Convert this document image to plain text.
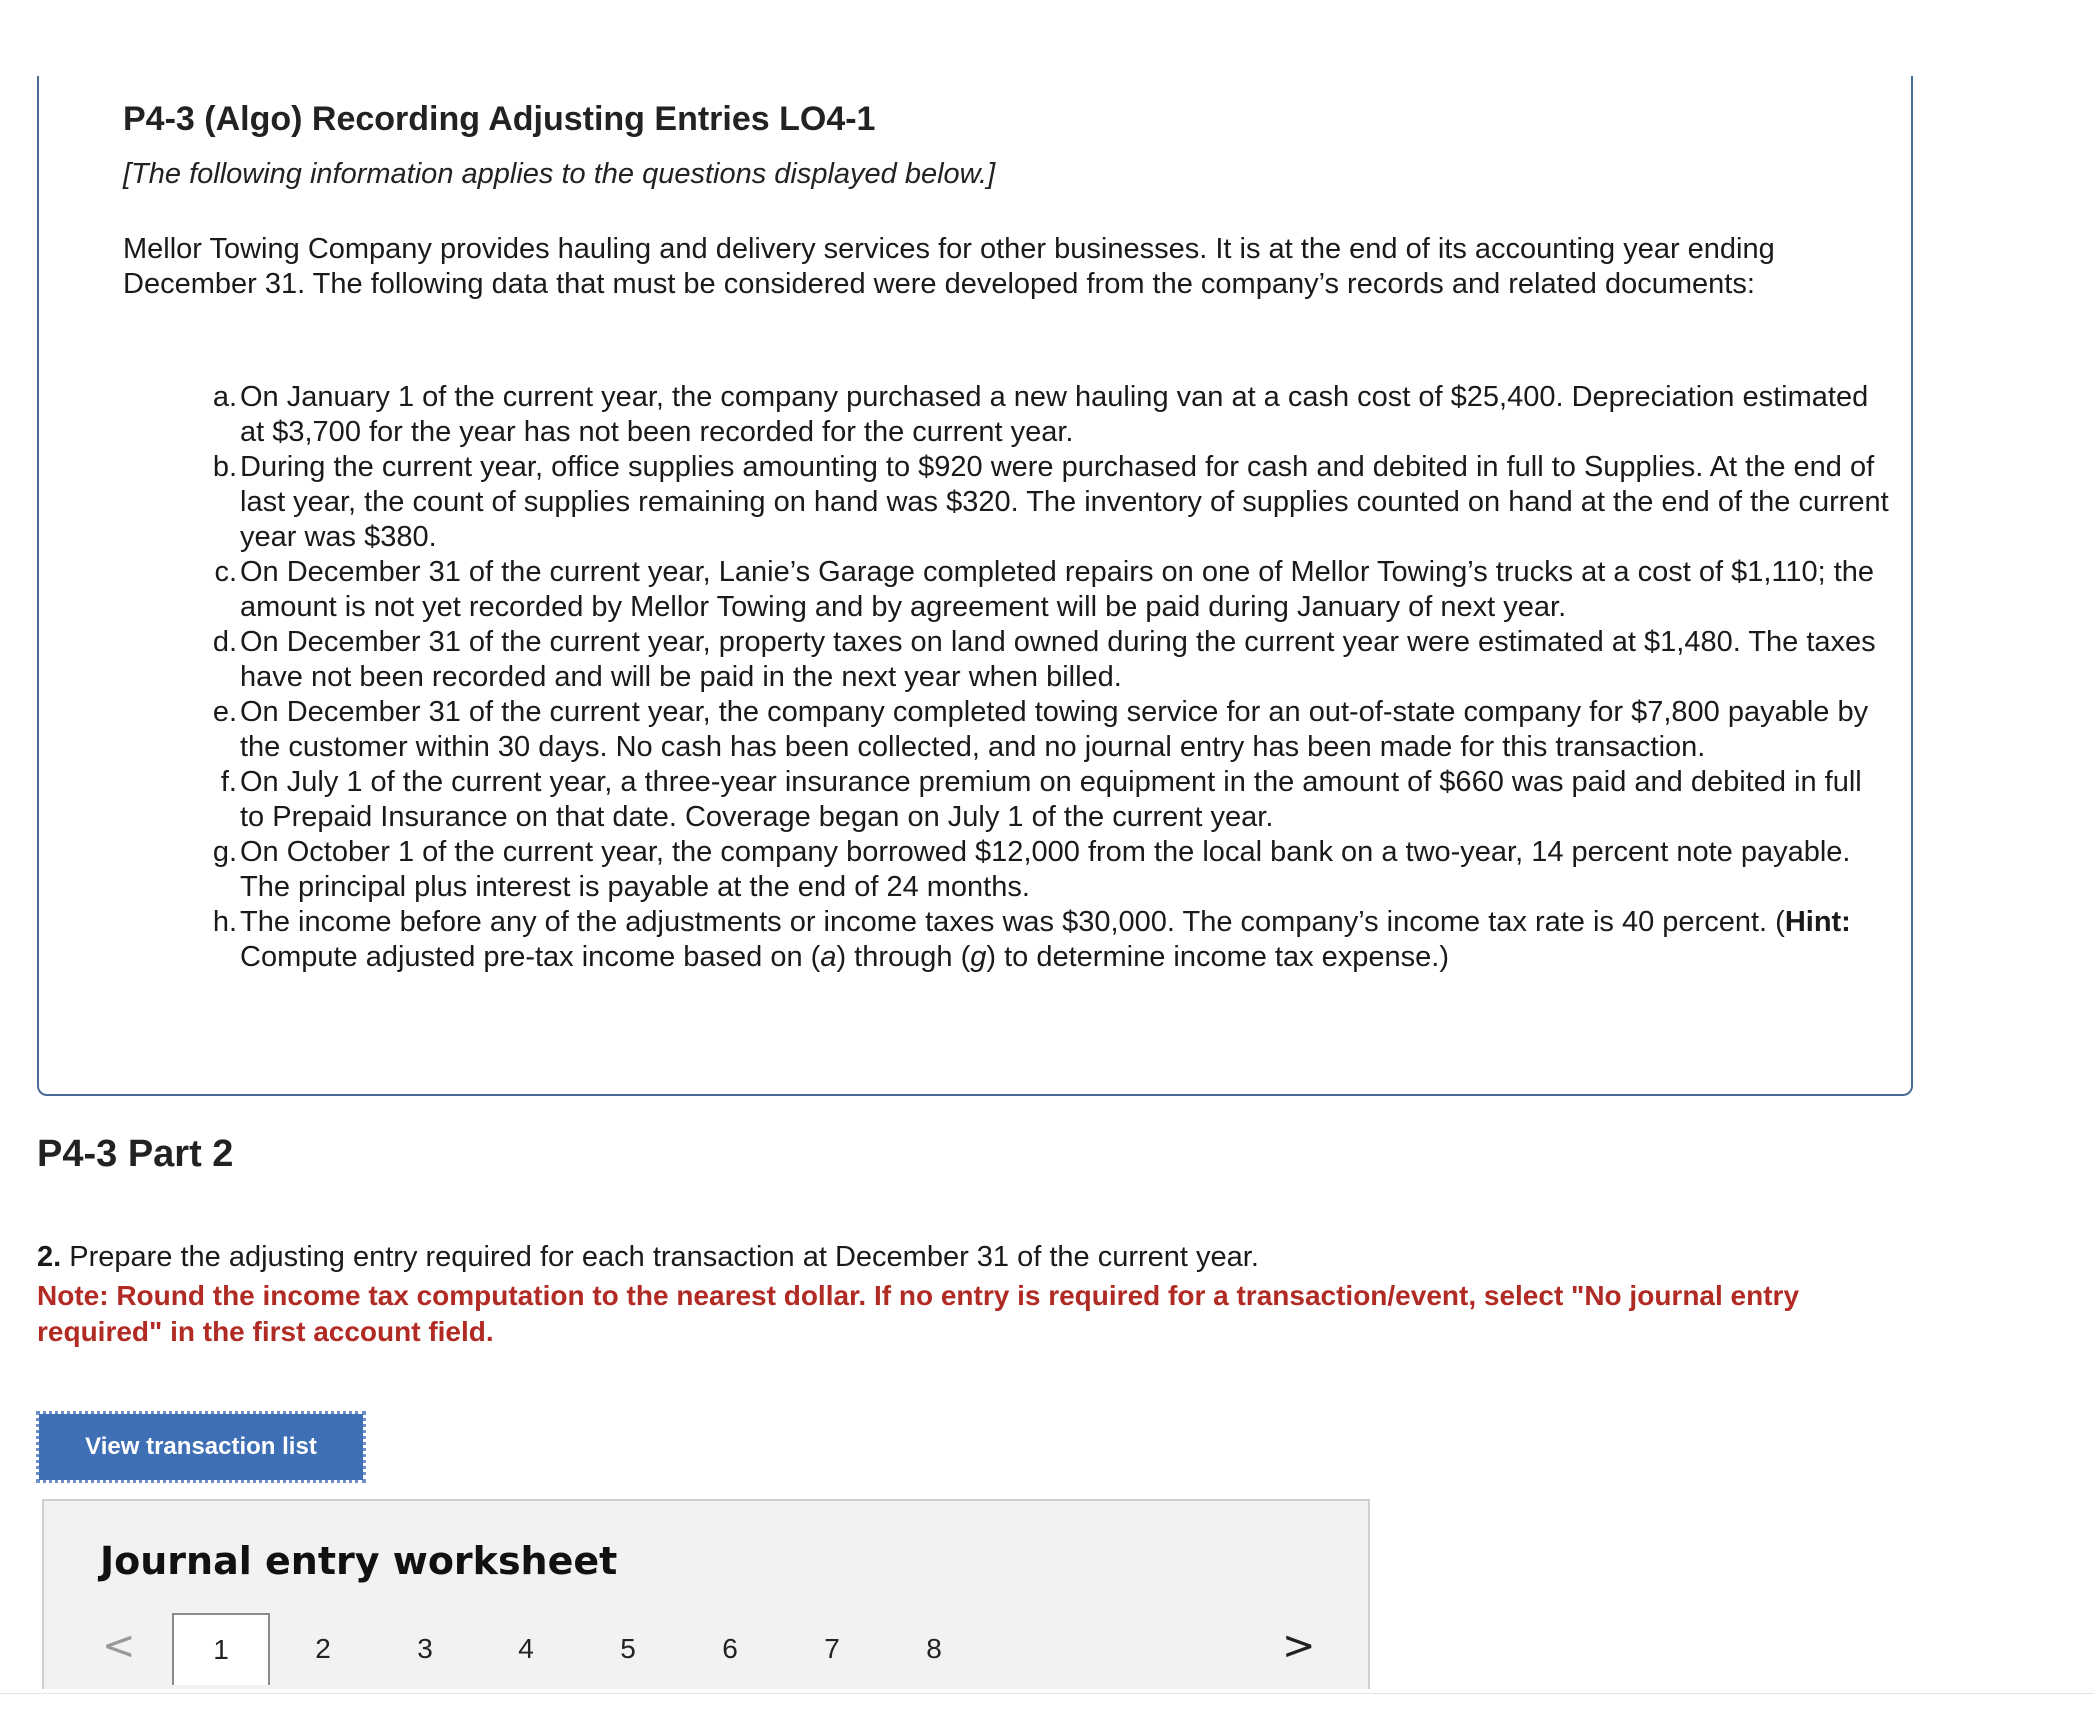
P4-3 (Algo) Recording Adjusting Entries LO4-1

[The following information applies to the questions displayed below.]

Mellor Towing Company provides hauling and delivery services for other businesses. It is at the end of its accounting year ending December 31. The following data that must be considered were developed from the company’s records and related documents:

a. On January 1 of the current year, the company purchased a new hauling van at a cash cost of $25,400. Depreciation estimated at $3,700 for the year has not been recorded for the current year.
b. During the current year, office supplies amounting to $920 were purchased for cash and debited in full to Supplies. At the end of last year, the count of supplies remaining on hand was $320. The inventory of supplies counted on hand at the end of the current year was $380.
c. On December 31 of the current year, Lanie’s Garage completed repairs on one of Mellor Towing’s trucks at a cost of $1,110; the amount is not yet recorded by Mellor Towing and by agreement will be paid during January of next year.
d. On December 31 of the current year, property taxes on land owned during the current year were estimated at $1,480. The taxes have not been recorded and will be paid in the next year when billed.
e. On December 31 of the current year, the company completed towing service for an out-of-state company for $7,800 payable by the customer within 30 days. No cash has been collected, and no journal entry has been made for this transaction.
f. On July 1 of the current year, a three-year insurance premium on equipment in the amount of $660 was paid and debited in full to Prepaid Insurance on that date. Coverage began on July 1 of the current year.
g. On October 1 of the current year, the company borrowed $12,000 from the local bank on a two-year, 14 percent note payable. The principal plus interest is payable at the end of 24 months.
h. The income before any of the adjustments or income taxes was $30,000. The company’s income tax rate is 40 percent. (Hint: Compute adjusted pre-tax income based on (a) through (g) to determine income tax expense.)
P4-3 Part 2

2. Prepare the adjusting entry required for each transaction at December 31 of the current year.

Note: Round the income tax computation to the nearest dollar. If no entry is required for a transaction/event, select "No journal entry required" in the first account field.

View transaction list
Journal entry worksheet
<	1	2	3	4	5	6	7	8	>
